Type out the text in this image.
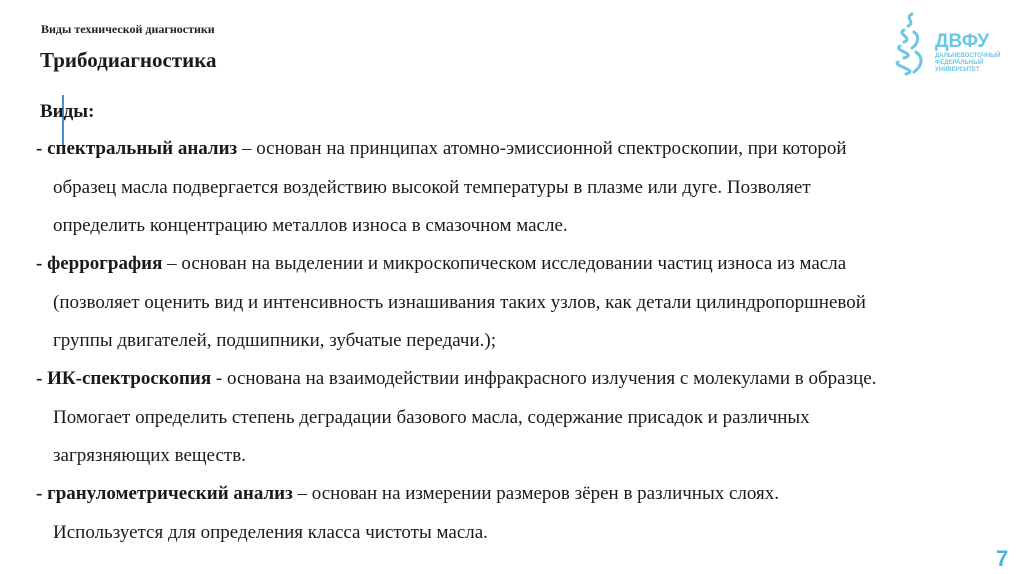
Виды технической диагностики
Трибодиагностика
Виды:
- спектральный анализ – основан на принципах атомно-эмиссионной спектроскопии, при которой
образец масла подвергается воздействию высокой температуры в плазме или дуге. Позволяет
определить концентрацию металлов износа в смазочном масле.
- феррография – основан на выделении и микроскопическом исследовании частиц износа из масла
(позволяет оценить вид и интенсивность изнашивания таких узлов, как детали цилиндропоршневой
группы двигателей, подшипники, зубчатые передачи.);
- ИК-спектроскопия - основана на взаимодействии инфракрасного излучения с молекулами в образце.
Помогает определить степень деградации базового масла, содержание присадок и различных
загрязняющих веществ.
- гранулометрический анализ – основан на измерении размеров зёрен в различных слоях.
Используется для определения класса чистоты масла.
ДВФУ
ДАЛЬНЕВОСТОЧНЫЙ
ФЕДЕРАЛЬНЫЙ
УНИВЕРСИТЕТ
7
